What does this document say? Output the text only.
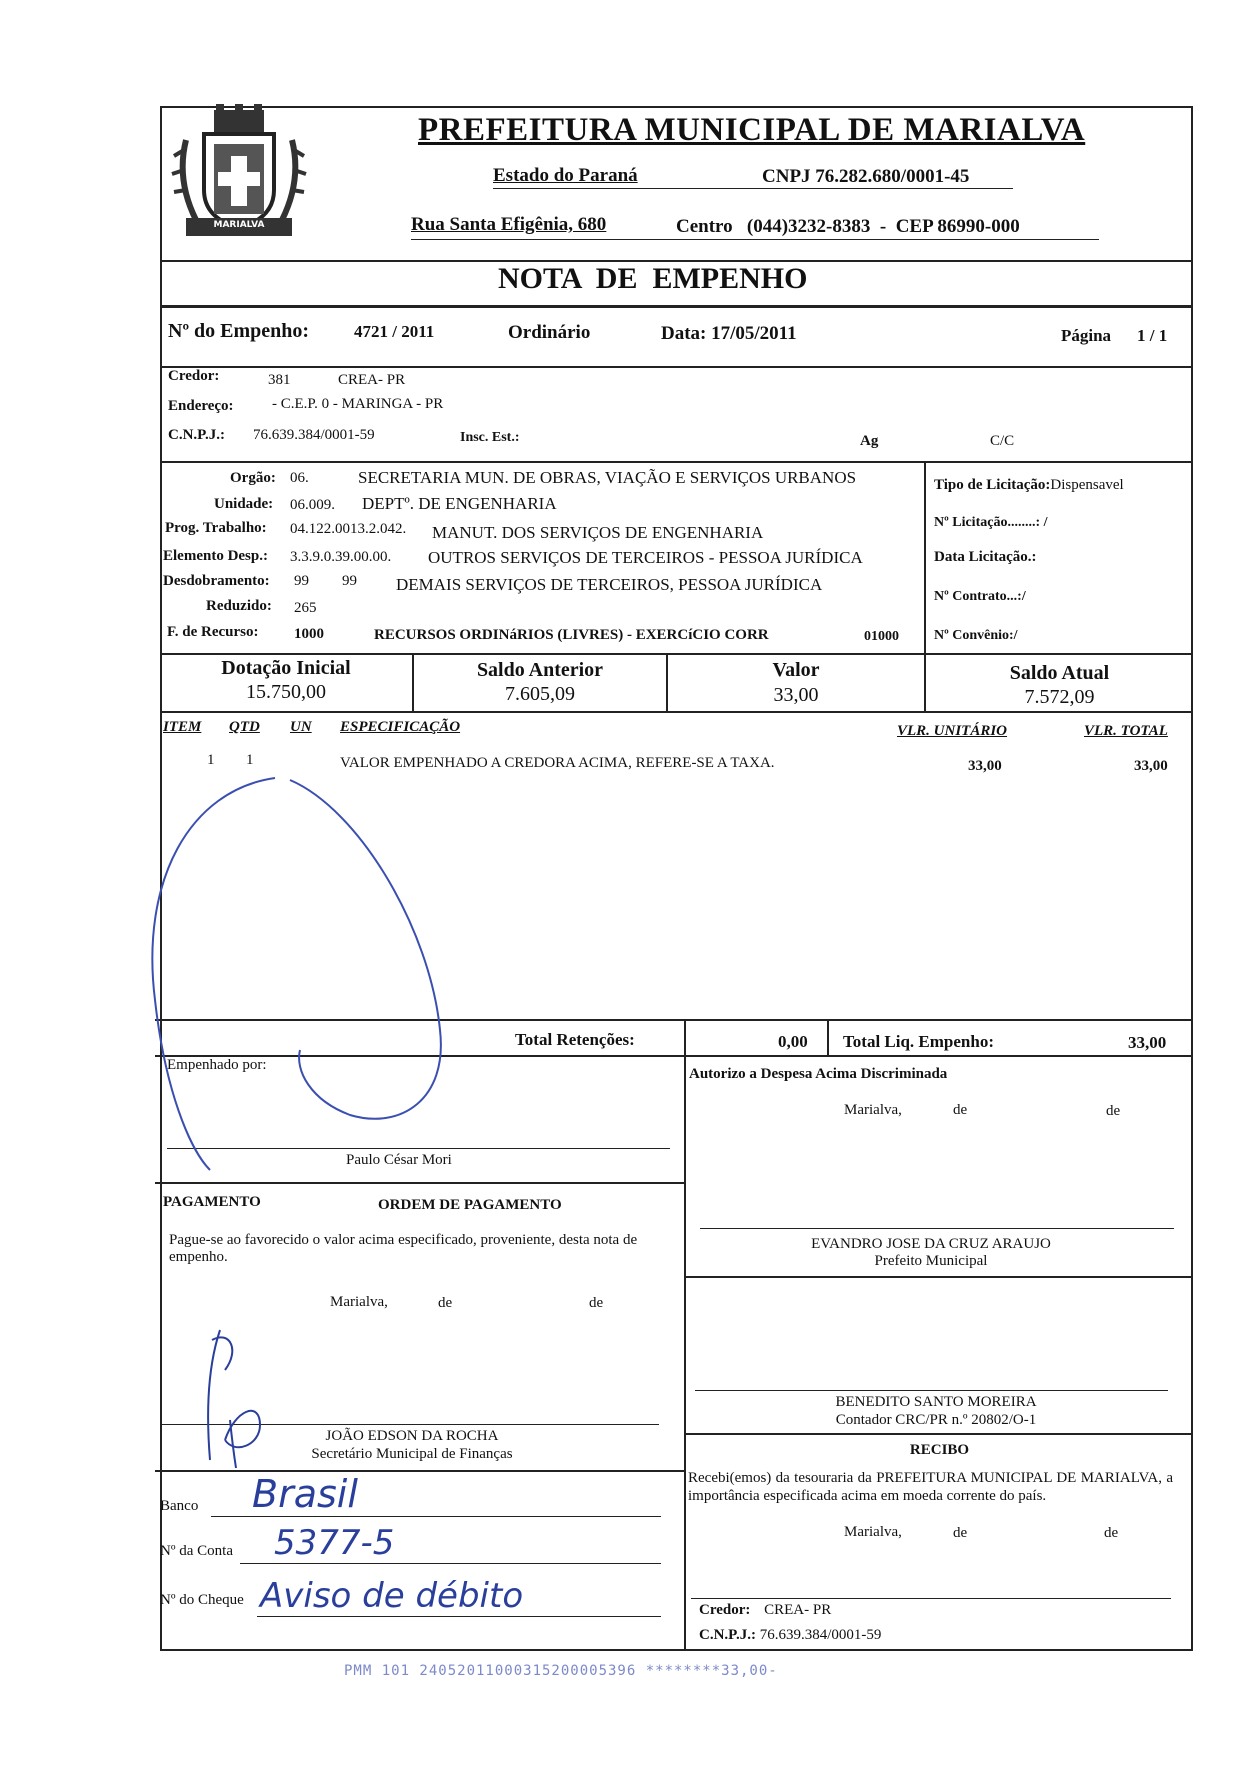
MARIALVA
PREFEITURA MUNICIPAL DE MARIALVA
Estado do Paraná	CNPJ 76.282.680/0001-45
Rua Santa Efigênia, 680	Centro   (044)3232-8383  -  CEP 86990-000
NOTA  DE  EMPENHO
Nº do Empenho:	4721 / 2011	Ordinário	Data: 17/05/2011	Página 1 / 1
Credor:	381	CREA- PR
Endereço:	- C.E.P. 0 - MARINGA - PR
C.N.P.J.: 76.639.384/0001-59	Insc. Est.:	Ag	C/C
Orgão: 06.	SECRETARIA MUN. DE OBRAS, VIAÇÃO E SERVIÇOS URBANOS
Unidade: 06.009. DEPTº. DE ENGENHARIA
Prog. Trabalho: 04.122.0013.2.042. MANUT. DOS SERVIÇOS DE ENGENHARIA
Elemento Desp.: 3.3.9.0.39.00.00. OUTROS SERVIÇOS DE TERCEIROS - PESSOA JURÍDICA
Desdobramento: 99 99 DEMAIS SERVIÇOS DE TERCEIROS, PESSOA JURÍDICA
Reduzido: 265
F. de Recurso: 1000	RECURSOS ORDINáRIOS (LIVRES) - EXERCíCIO CORR	01000
Tipo de Licitação:Dispensavel
Nº Licitação........: /
Data Licitação.:
Nº Contrato...:/
Nº Convênio:/
Dotação Inicial
15.750,00
Saldo Anterior
7.605,09
Valor
33,00
Saldo Atual
7.572,09
ITEM QTD UN ESPECIFICAÇÃO	VLR. UNITÁRIO	VLR. TOTAL
1 1	VALOR EMPENHADO A CREDORA ACIMA, REFERE-SE A TAXA.	33,00	33,00
Total Retenções:	0,00 Total Liq. Empenho:	33,00
Empenhado por:
Paulo César Mori
Autorizo a Despesa Acima Discriminada
Marialva,	de	de
EVANDRO JOSE DA CRUZ ARAUJO
Prefeito Municipal
BENEDITO SANTO MOREIRA
Contador CRC/PR n.º 20802/O-1
PAGAMENTO	ORDEM DE PAGAMENTO
Pague-se ao favorecido o valor acima especificado, proveniente, desta nota de empenho.
Marialva,	de	de
JOÃO EDSON DA ROCHA
Secretário Municipal de Finanças
Banco Brasil
Nº da Conta 5377-5
Nº do Cheque Aviso de débito
RECIBO
Recebi(emos) da tesouraria da PREFEITURA MUNICIPAL DE MARIALVA, a importância especificada acima em moeda corrente do país.
Marialva,	de	de
Credor: CREA- PR
C.N.P.J.: 76.639.384/0001-59
PMM 101 24052011000315200005396 ********33,00-
